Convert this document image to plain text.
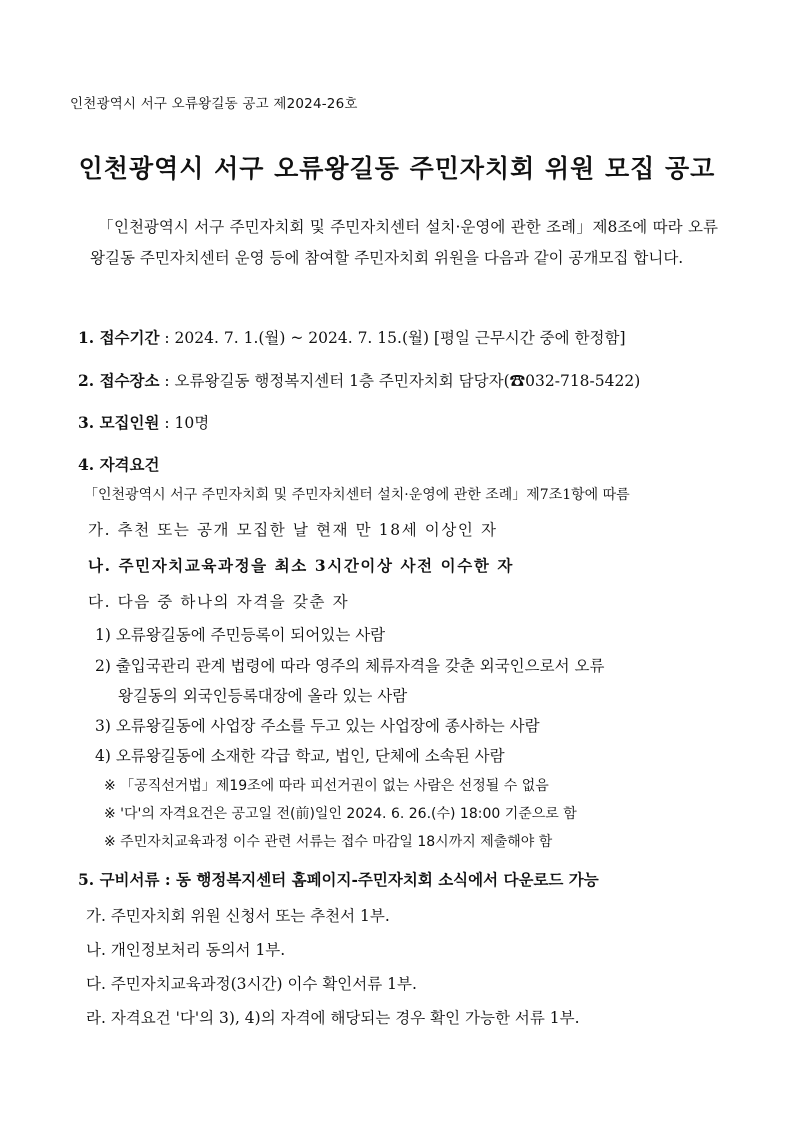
인천광역시 서구 오류왕길동 공고 제2024-26호
인천광역시 서구 오류왕길동 주민자치회 위원 모집 공고
「인천광역시 서구 주민자치회 및 주민자치센터 설치·운영에 관한 조례」제8조에 따라 오류왕길동 주민자치센터 운영 등에 참여할 주민자치회 위원을 다음과 같이 공개모집 합니다.
1. 접수기간 : 2024. 7. 1.(월) ~ 2024. 7. 15.(월) [평일 근무시간 중에 한정함]
2. 접수장소 : 오류왕길동 행정복지센터 1층 주민자치회 담당자(☎032-718-5422)
3. 모집인원 : 10명
4. 자격요건
「인천광역시 서구 주민자치회 및 주민자치센터 설치·운영에 관한 조례」제7조1항에 따름
가. 추천 또는 공개 모집한 날 현재 만 18세 이상인 자
나. 주민자치교육과정을 최소 3시간이상 사전 이수한 자
다. 다음 중 하나의 자격을 갖춘 자
1) 오류왕길동에 주민등록이 되어있는 사람
2) 출입국관리 관계 법령에 따라 영주의 체류자격을 갖춘 외국인으로서 오류
왕길동의 외국인등록대장에 올라 있는 사람
3) 오류왕길동에 사업장 주소를 두고 있는 사업장에 종사하는 사람
4) 오류왕길동에 소재한 각급 학교, 법인, 단체에 소속된 사람
※ 「공직선거법」제19조에 따라 피선거권이 없는 사람은 선정될 수 없음
※ '다'의 자격요건은 공고일 전(前)일인 2024. 6. 26.(수) 18:00 기준으로 함
※ 주민자치교육과정 이수 관련 서류는 접수 마감일 18시까지 제출해야 함
5. 구비서류 : 동 행정복지센터 홈페이지-주민자치회 소식에서 다운로드 가능
가. 주민자치회 위원 신청서 또는 추천서 1부.
나. 개인정보처리 동의서 1부.
다. 주민자치교육과정(3시간) 이수 확인서류 1부.
라. 자격요건 '다'의 3), 4)의 자격에 해당되는 경우 확인 가능한 서류 1부.
